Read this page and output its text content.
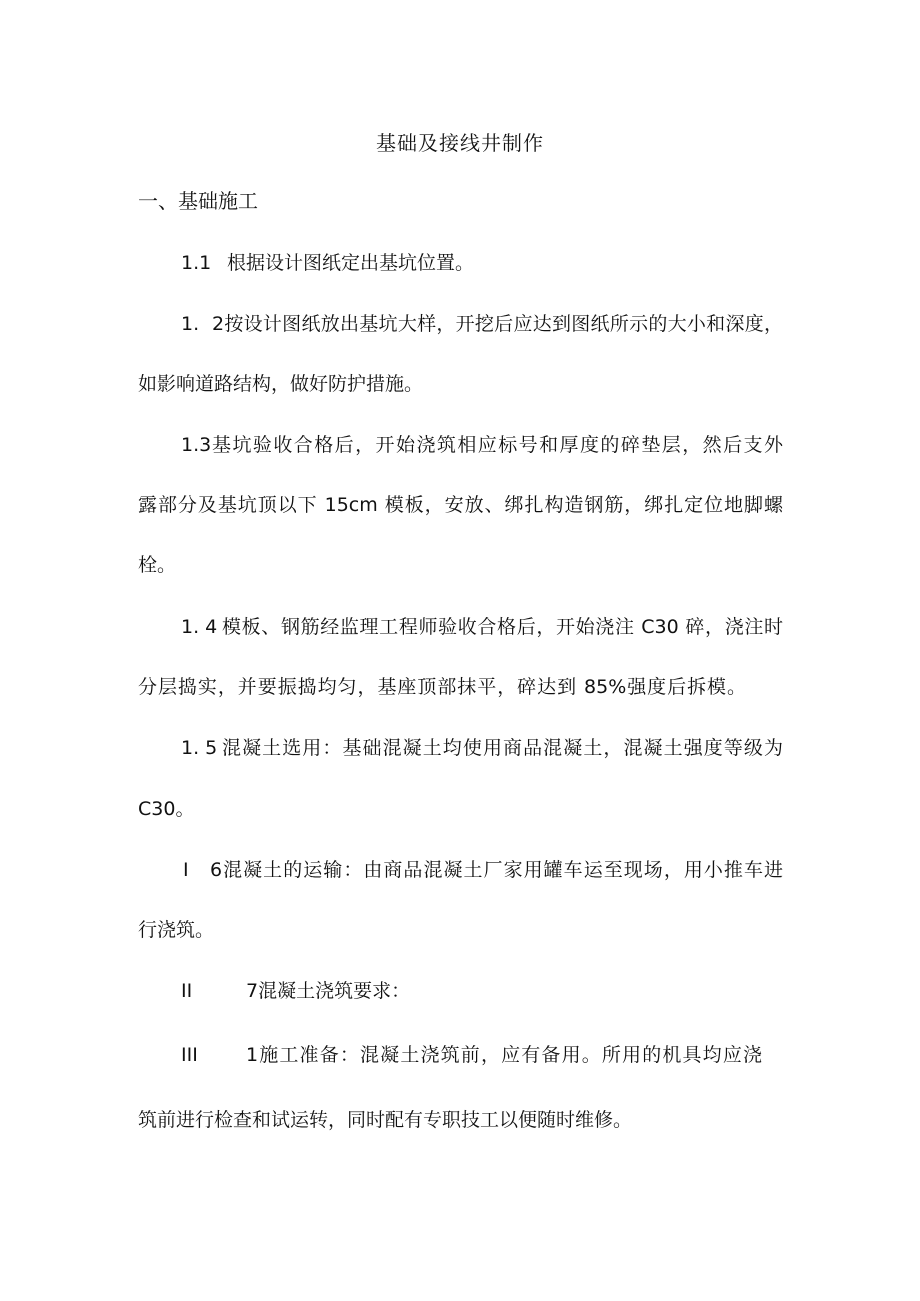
基础及接线井制作
一、基础施工
1.1 根据设计图纸定出基坑位置。
1. 2按设计图纸放出基坑大样，开挖后应达到图纸所示的大小和深度，
如影响道路结构，做好防护措施。
1.3 基坑验收合格后，开始浇筑相应标号和厚度的碎垫层，然后支外
露部分及基坑顶以下 15cm 模板，安放、绑扎构造钢筋，绑扎定位地脚螺
栓。
1. 4 模板、钢筋经监理工程师验收合格后，开始浇注 C30 碎，浇注时
分层捣实，并要振捣均匀，基座顶部抹平，碎达到 85%强度后拆模。
1. 5 混凝土选用：基础混凝土均使用商品混凝土，混凝土强度等级为
C30。
I 6混凝土的运输：由商品混凝土厂家用罐车运至现场，用小推车进
行浇筑。
II	7混凝土浇筑要求：
III	1施工准备：混凝土浇筑前，应有备用。所用的机具均应浇
筑前进行检查和试运转，同时配有专职技工以便随时维修。
